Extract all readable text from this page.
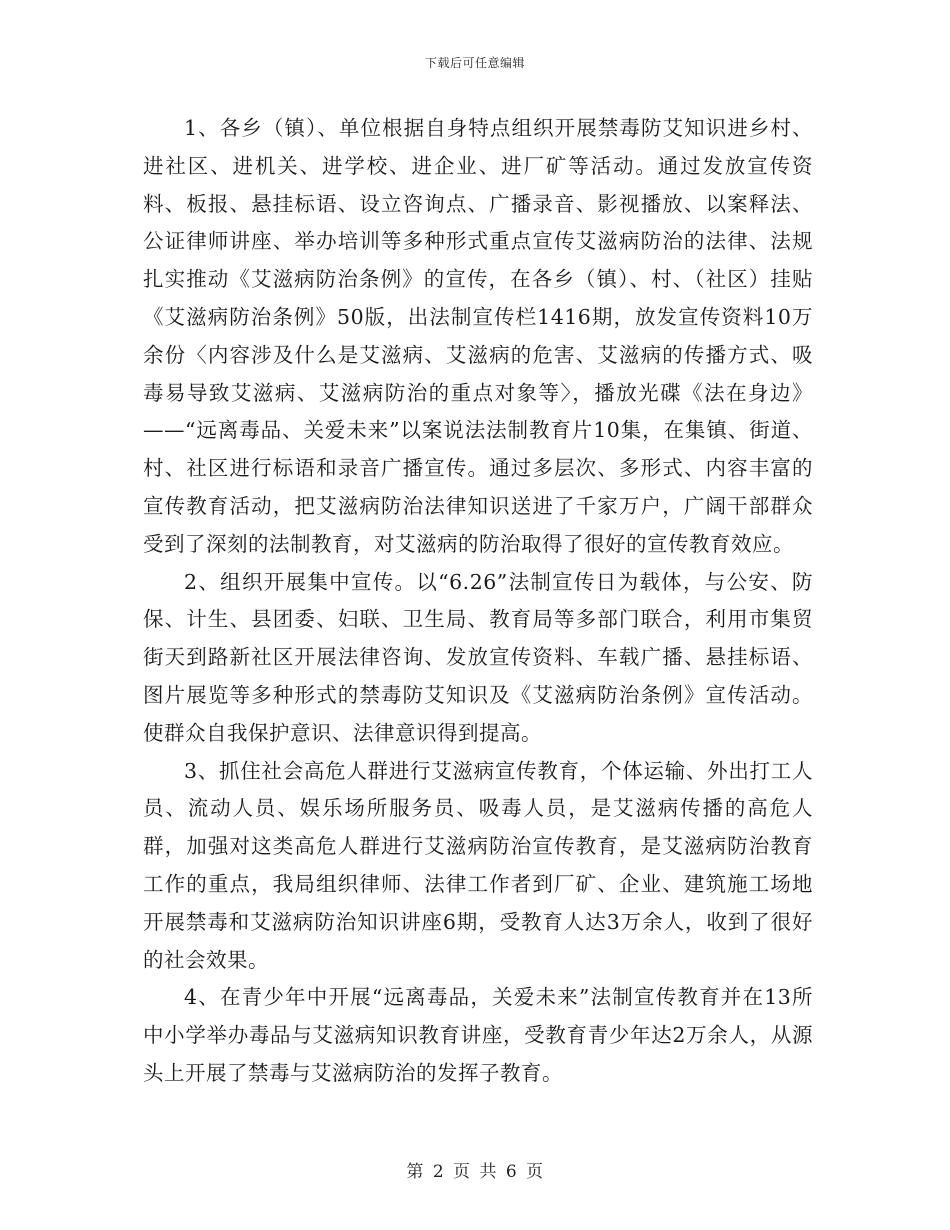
下载后可任意编辑

1、各乡（镇）、单位根据自身特点组织开展禁毒防艾知识进乡村、进社区、进机关、进学校、进企业、进厂矿等活动。通过发放宣传资料、板报、悬挂标语、设立咨询点、广播录音、影视播放、以案释法、公证律师讲座、举办培训等多种形式重点宣传艾滋病防治的法律、法规扎实推动《艾滋病防治条例》的宣传，在各乡（镇）、村、（社区）挂贴《艾滋病防治条例》50版，出法制宣传栏1416期，放发宣传资料10万余份〈内容涉及什么是艾滋病、艾滋病的危害、艾滋病的传播方式、吸毒易导致艾滋病、艾滋病防治的重点对象等〉，播放光碟《法在身边》——“远离毒品、关爱未来”以案说法法制教育片10集，在集镇、街道、村、社区进行标语和录音广播宣传。通过多层次、多形式、内容丰富的宣传教育活动，把艾滋病防治法律知识送进了千家万户，广阔干部群众受到了深刻的法制教育，对艾滋病的防治取得了很好的宣传教育效应。

2、组织开展集中宣传。以“6.26”法制宣传日为载体，与公安、防保、计生、县团委、妇联、卫生局、教育局等多部门联合，利用市集贸街天到路新社区开展法律咨询、发放宣传资料、车载广播、悬挂标语、图片展览等多种形式的禁毒防艾知识及《艾滋病防治条例》宣传活动。使群众自我保护意识、法律意识得到提高。

3、抓住社会高危人群进行艾滋病宣传教育，个体运输、外出打工人员、流动人员、娱乐场所服务员、吸毒人员，是艾滋病传播的高危人群，加强对这类高危人群进行艾滋病防治宣传教育，是艾滋病防治教育工作的重点，我局组织律师、法律工作者到厂矿、企业、建筑施工场地开展禁毒和艾滋病防治知识讲座6期，受教育人达3万余人，收到了很好的社会效果。

4、在青少年中开展“远离毒品，关爱未来”法制宣传教育并在13所中小学举办毒品与艾滋病知识教育讲座，受教育青少年达2万余人，从源头上开展了禁毒与艾滋病防治的发挥子教育。

第 2 页 共 6 页
